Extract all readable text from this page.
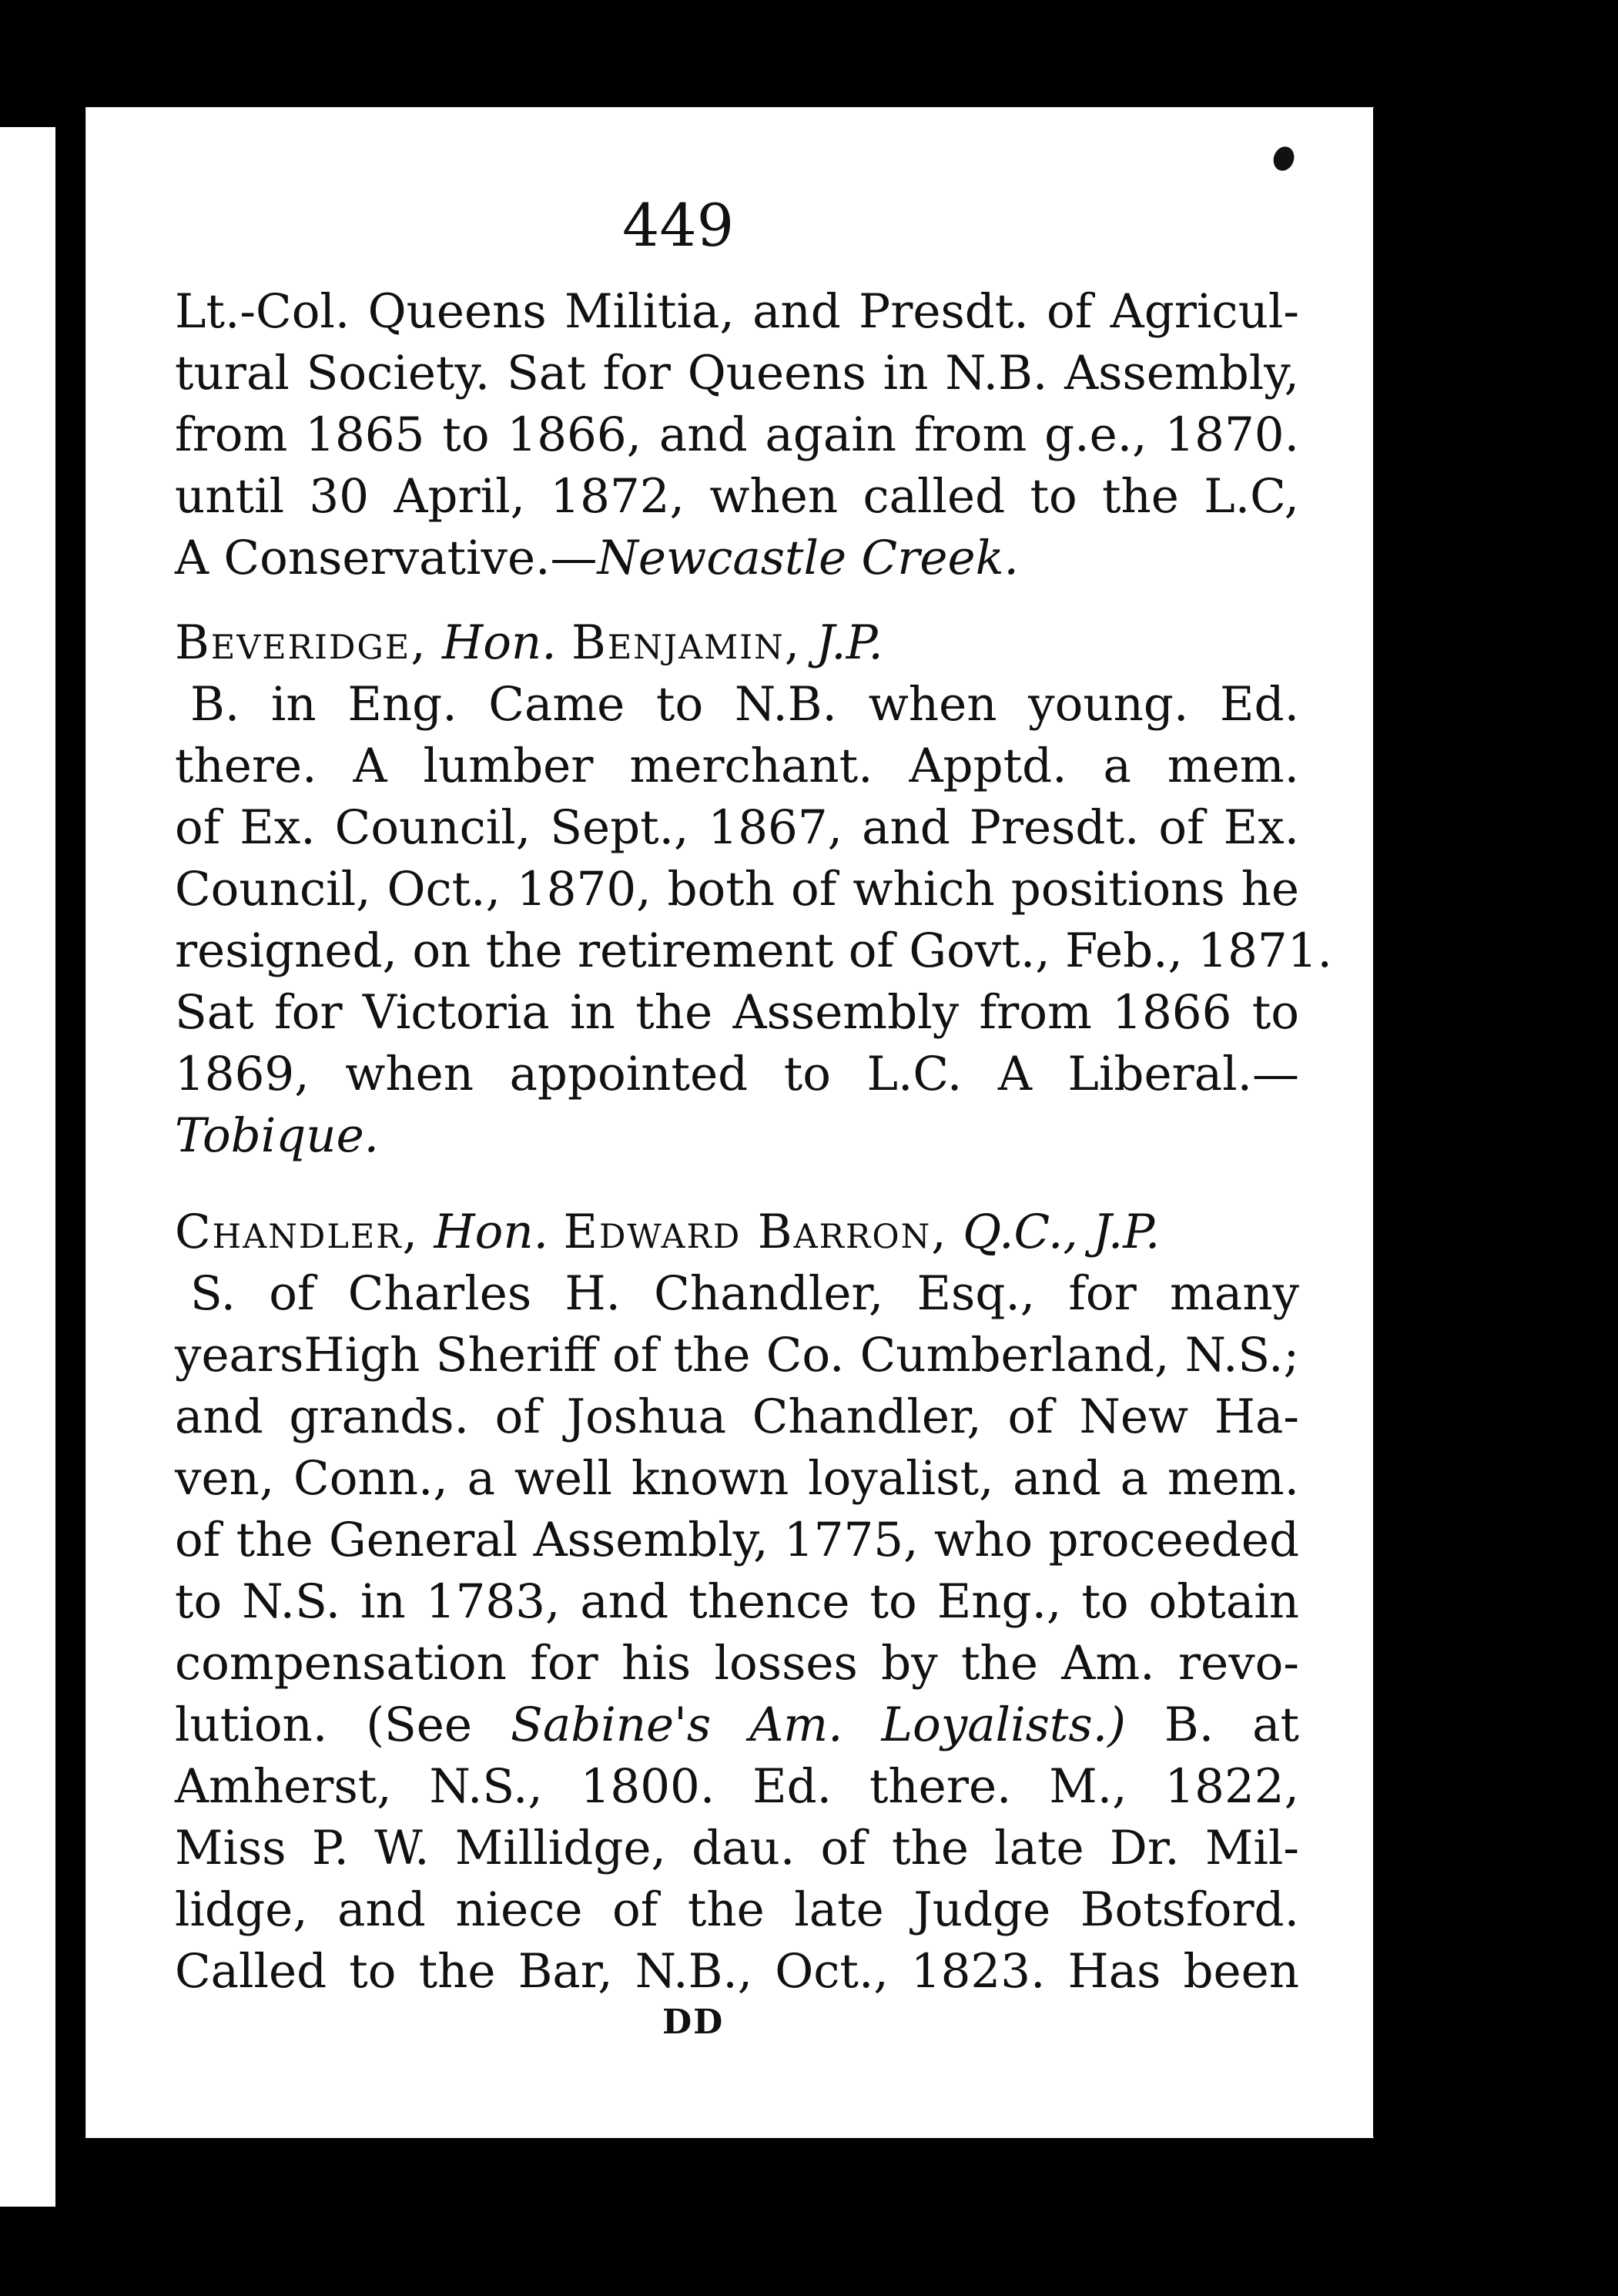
449
Lt.-Col. Queens Militia, and Presdt. of Agricul-
tural Society. Sat for Queens in N.B. Assembly,
from 1865 to 1866, and again from g.e., 1870.
until 30 April, 1872, when called to the L.C,
A Conservative.—Newcastle Creek.
Beveridge, Hon. Benjamin, J.P.
B. in Eng. Came to N.B. when young. Ed.
there. A lumber merchant. Apptd. a mem.
of Ex. Council, Sept., 1867, and Presdt. of Ex.
Council, Oct., 1870, both of which positions he
resigned, on the retirement of Govt., Feb., 1871.
Sat for Victoria in the Assembly from 1866 to
1869, when appointed to L.C. A Liberal.—
Tobique.
Chandler, Hon. Edward Barron, Q.C., J.P.
S. of Charles H. Chandler, Esq., for many
yearsHigh Sheriff of the Co. Cumberland, N.S.;
and grands. of Joshua Chandler, of New Ha-
ven, Conn., a well known loyalist, and a mem.
of the General Assembly, 1775, who proceeded
to N.S. in 1783, and thence to Eng., to obtain
compensation for his losses by the Am. revo-
lution. (See Sabine's Am. Loyalists.) B. at
Amherst, N.S., 1800. Ed. there. M., 1822,
Miss P. W. Millidge, dau. of the late Dr. Mil-
lidge, and niece of the late Judge Botsford.
Called to the Bar, N.B., Oct., 1823. Has been
DD
